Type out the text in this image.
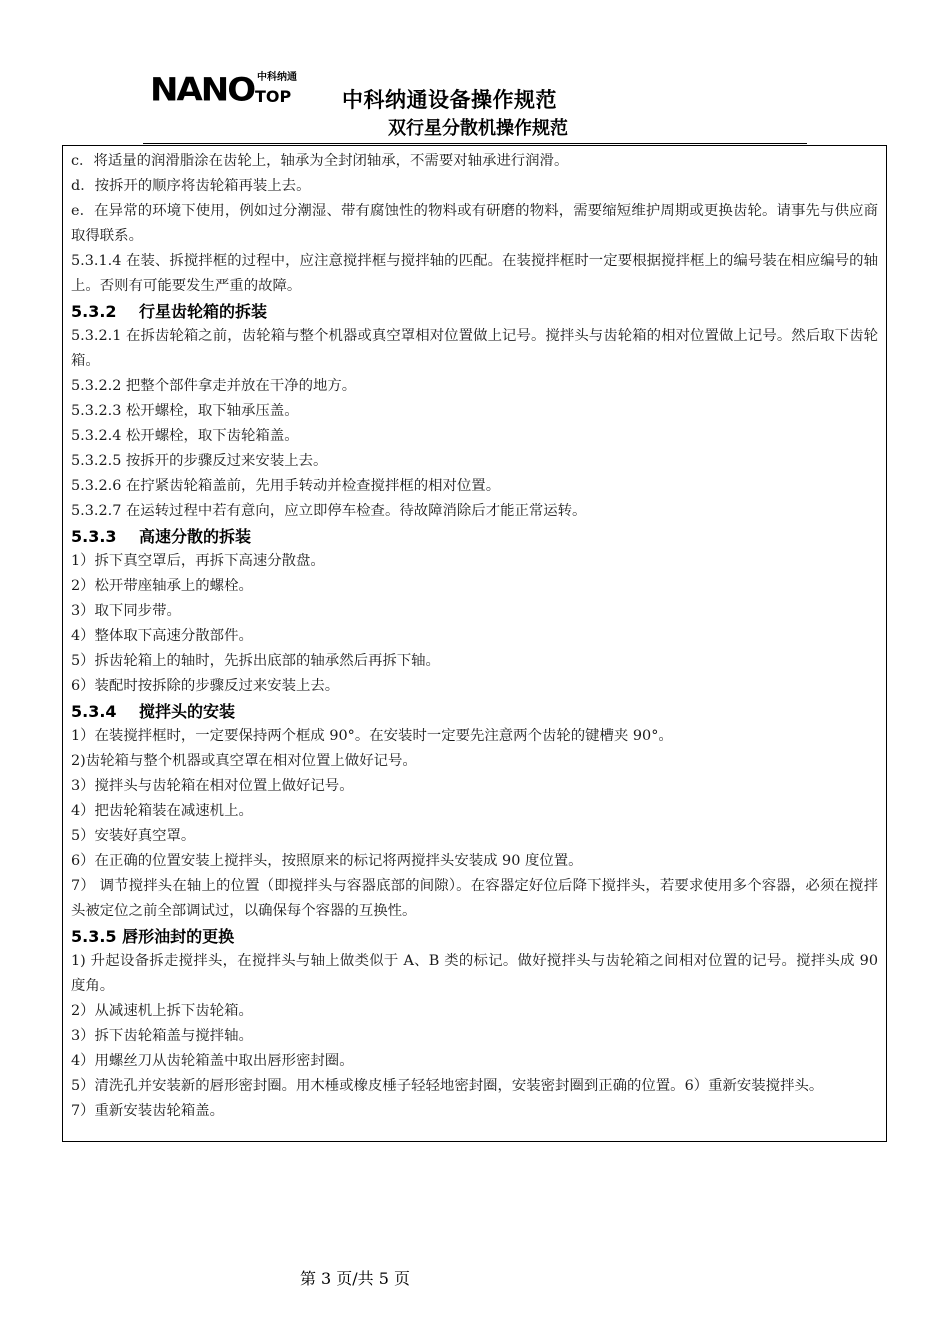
NANO 中科纳通
TOP 中科纳通设备操作规范
双行星分散机操作规范

c．将适量的润滑脂涂在齿轮上，轴承为全封闭轴承，不需要对轴承进行润滑。

d．按拆开的顺序将齿轮箱再装上去。

e．在异常的环境下使用，例如过分潮湿、带有腐蚀性的物料或有研磨的物料，需要缩短维护周期或更换齿轮。请事先与供应商取得联系。

5.3.1.4 在装、拆搅拌框的过程中，应注意搅拌框与搅拌轴的匹配。在装搅拌框时一定要根据搅拌框上的编号装在相应编号的轴上。否则有可能要发生严重的故障。

5.3.2 行星齿轮箱的拆装

5.3.2.1 在拆齿轮箱之前，齿轮箱与整个机器或真空罩相对位置做上记号。搅拌头与齿轮箱的相对位置做上记号。然后取下齿轮箱。

5.3.2.2 把整个部件拿走并放在干净的地方。

5.3.2.3 松开螺栓，取下轴承压盖。

5.3.2.4 松开螺栓，取下齿轮箱盖。

5.3.2.5 按拆开的步骤反过来安装上去。

5.3.2.6 在拧紧齿轮箱盖前，先用手转动并检查搅拌框的相对位置。

5.3.2.7 在运转过程中若有意向，应立即停车检查。待故障消除后才能正常运转。

5.3.3 高速分散的拆装

1）拆下真空罩后，再拆下高速分散盘。

2）松开带座轴承上的螺栓。

3）取下同步带。

4）整体取下高速分散部件。

5）拆齿轮箱上的轴时，先拆出底部的轴承然后再拆下轴。

6）装配时按拆除的步骤反过来安装上去。

5.3.4 搅拌头的安装

1）在装搅拌框时，一定要保持两个框成 90°。在安装时一定要先注意两个齿轮的键槽夹 90°。

2)齿轮箱与整个机器或真空罩在相对位置上做好记号。

3）搅拌头与齿轮箱在相对位置上做好记号。

4）把齿轮箱装在减速机上。

5）安装好真空罩。

6）在正确的位置安装上搅拌头，按照原来的标记将两搅拌头安装成 90 度位置。

7） 调节搅拌头在轴上的位置（即搅拌头与容器底部的间隙）。在容器定好位后降下搅拌头，若要求使用多个容器，必须在搅拌头被定位之前全部调试过，以确保每个容器的互换性。

5.3.5 唇形油封的更换

1) 升起设备拆走搅拌头，在搅拌头与轴上做类似于 A、B 类的标记。做好搅拌头与齿轮箱之间相对位置的记号。搅拌头成 90 度角。

2）从减速机上拆下齿轮箱。

3）拆下齿轮箱盖与搅拌轴。

4）用螺丝刀从齿轮箱盖中取出唇形密封圈。

5）清洗孔并安装新的唇形密封圈。用木棰或橡皮棰子轻轻地密封圈，安装密封圈到正确的位置。6）重新安装搅拌头。

7）重新安装齿轮箱盖。

第 3 页/共 5 页
